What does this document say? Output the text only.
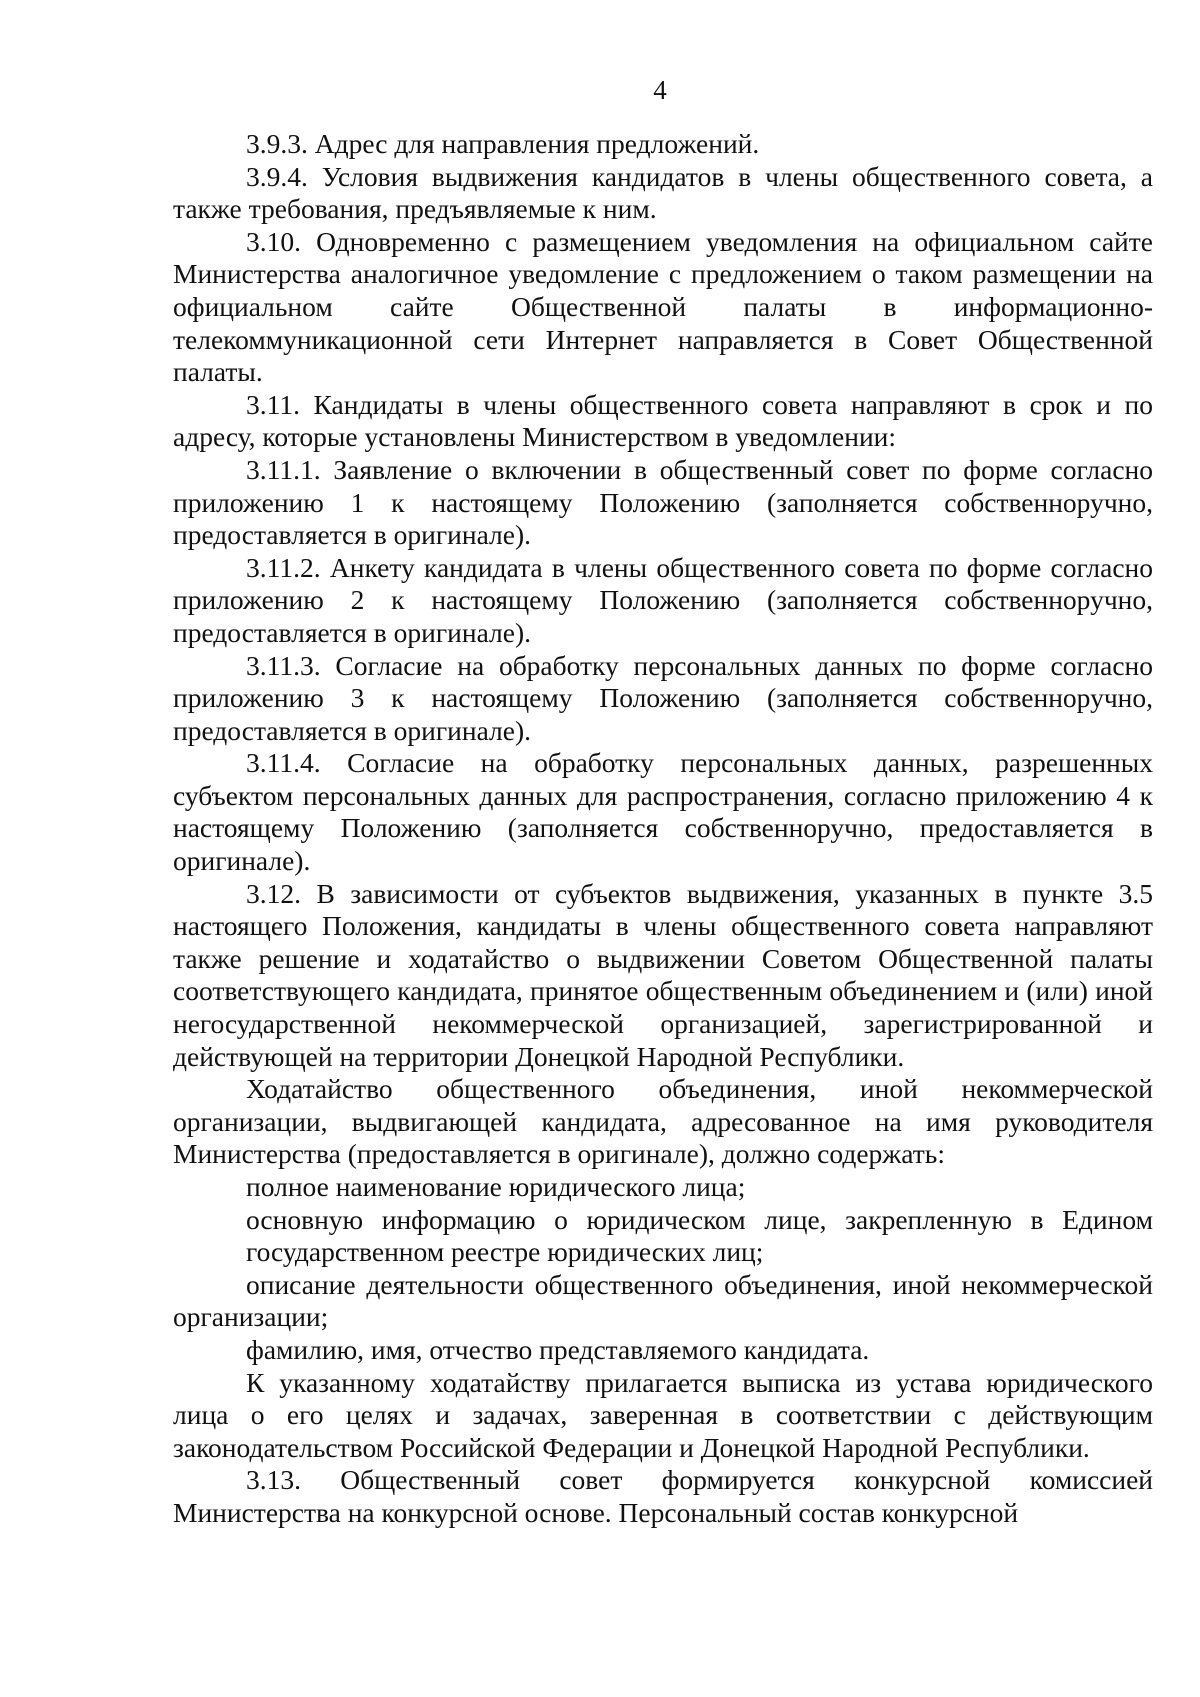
4

3.9.3. Адрес для направления предложений.

3.9.4. Условия выдвижения кандидатов в члены общественного совета, а также требования, предъявляемые к ним.

3.10. Одновременно с размещением уведомления на официальном сайте Министерства аналогичное уведомление с предложением о таком размещении на официальном сайте Общественной палаты в информационно-телекоммуникационной сети Интернет направляется в Совет Общественной палаты.

3.11. Кандидаты в члены общественного совета направляют в срок и по адресу, которые установлены Министерством в уведомлении:

3.11.1. Заявление о включении в общественный совет по форме согласно приложению 1 к настоящему Положению (заполняется собственноручно, предоставляется в оригинале).

3.11.2. Анкету кандидата в члены общественного совета по форме согласно приложению 2 к настоящему Положению (заполняется собственноручно, предоставляется в оригинале).

3.11.3. Согласие на обработку персональных данных по форме согласно приложению 3 к настоящему Положению (заполняется собственноручно, предоставляется в оригинале).

3.11.4. Согласие на обработку персональных данных, разрешенных субъектом персональных данных для распространения, согласно приложению 4 к настоящему Положению (заполняется собственноручно, предоставляется в оригинале).

3.12. В зависимости от субъектов выдвижения, указанных в пункте 3.5 настоящего Положения, кандидаты в члены общественного совета направляют также решение и ходатайство о выдвижении Советом Общественной палаты соответствующего кандидата, принятое общественным объединением и (или) иной негосударственной некоммерческой организацией, зарегистрированной и действующей на территории Донецкой Народной Республики.

Ходатайство общественного объединения, иной некоммерческой организации, выдвигающей кандидата, адресованное на имя руководителя Министерства (предоставляется в оригинале), должно содержать:

полное наименование юридического лица;

основную информацию о юридическом лице, закрепленную в Едином государственном реестре юридических лиц;

описание деятельности общественного объединения, иной некоммерческой организации;

фамилию, имя, отчество представляемого кандидата.

К указанному ходатайству прилагается выписка из устава юридического лица о его целях и задачах, заверенная в соответствии с действующим законодательством Российской Федерации и Донецкой Народной Республики.

3.13. Общественный совет формируется конкурсной комиссией Министерства на конкурсной основе. Персональный состав конкурсной
